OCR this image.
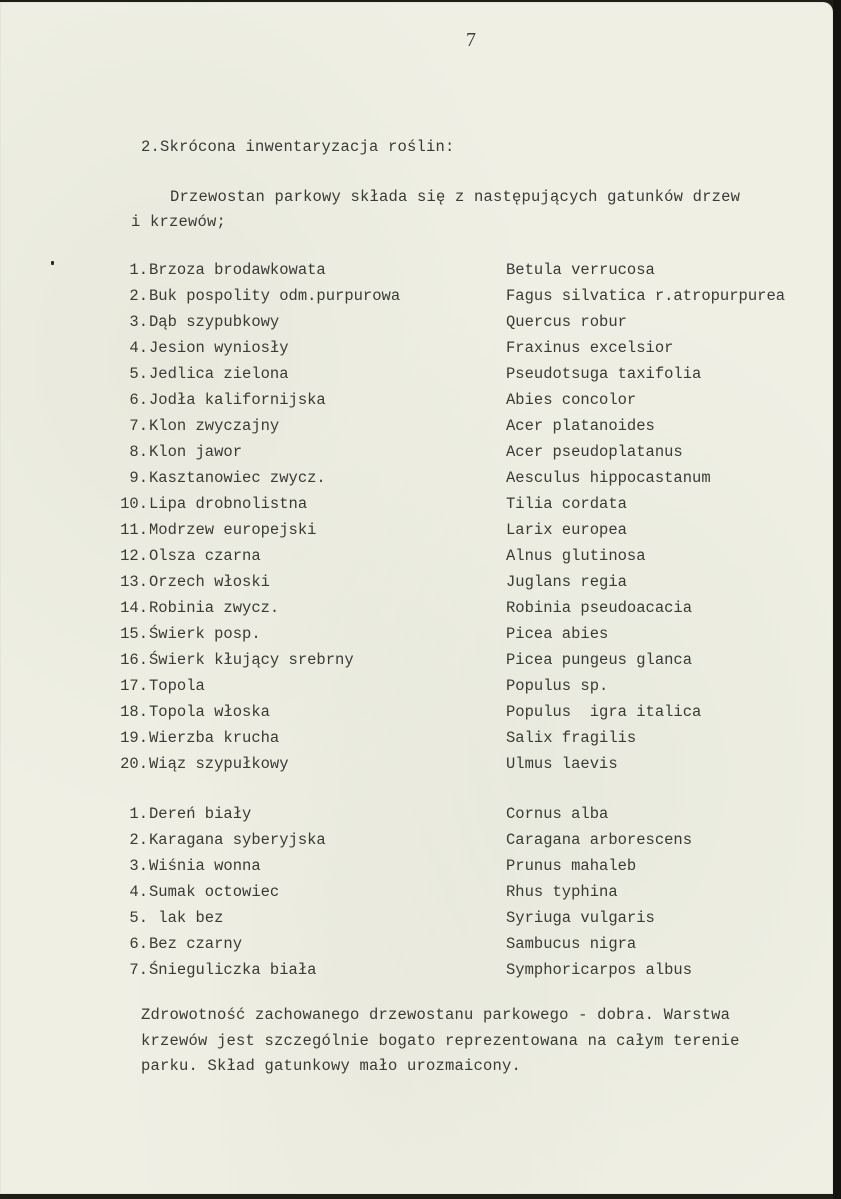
7
2.Skrócona inwentaryzacja roślin:
Drzewostan parkowy składa się z następujących gatunków drzew
i krzewów;
1. Brzoza brodawkowata	Betula verrucosa
2. Buk pospolity odm.purpurowa	Fagus silvatica r.atropurpurea
3. Dąb szypubkowy	Quercus robur
4. Jesion wyniosły	Fraxinus excelsior
5. Jedlica zielona	Pseudotsuga taxifolia
6. Jodła kalifornijska	Abies concolor
7. Klon zwyczajny	Acer platanoides
8. Klon jawor	Acer pseudoplatanus
9. Kasztanowiec zwycz.	Aesculus hippocastanum
10. Lipa drobnolistna	Tilia cordata
11. Modrzew europejski	Larix europea
12. Olsza czarna	Alnus glutinosa
13. Orzech włoski	Juglans regia
14. Robinia zwycz.	Robinia pseudoacacia
15. Świerk posp.	Picea abies
16. Świerk kłujący srebrny	Picea pungeus glanca
17. Topola	Populus sp.
18. Topola włoska	Populus  igra italica
19. Wierzba krucha	Salix fragilis
20. Wiąz szypułkowy	Ulmus laevis
1. Dereń biały	Cornus alba
2. Karagana syberyjska	Caragana arborescens
3. Wiśnia wonna	Prunus mahaleb
4. Sumak octowiec	Rhus typhina
5. lak bez	Syriuga vulgaris
6. Bez czarny	Sambucus nigra
7. Śnieguliczka biała	Symphoricarpos albus
Zdrowotność zachowanego drzewostanu parkowego - dobra. Warstwa krzewów jest szczególnie bogato reprezentowana na całym terenie parku. Skład gatunkowy mało urozmaicony.
